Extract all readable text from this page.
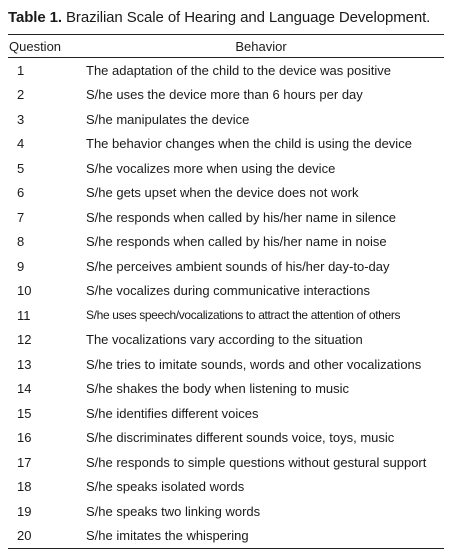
Table 1. Brazilian Scale of Hearing and Language Development.
Question	Behavior
1	The adaptation of the child to the device was positive
2	S/he uses the device more than 6 hours per day
3	S/he manipulates the device
4	The behavior changes when the child is using the device
5	S/he vocalizes more when using the device
6	S/he gets upset when the device does not work
7	S/he responds when called by his/her name in silence
8	S/he responds when called by his/her name in noise
9	S/he perceives ambient sounds of his/her day-to-day
10	S/he vocalizes during communicative interactions
11	S/he uses speech/vocalizations to attract the attention of others
12	The vocalizations vary according to the situation
13	S/he tries to imitate sounds, words and other vocalizations
14	S/he shakes the body when listening to music
15	S/he identifies different voices
16	S/he discriminates different sounds voice, toys, music
17	S/he responds to simple questions without gestural support
18	S/he speaks isolated words
19	S/he speaks two linking words
20	S/he imitates the whispering
